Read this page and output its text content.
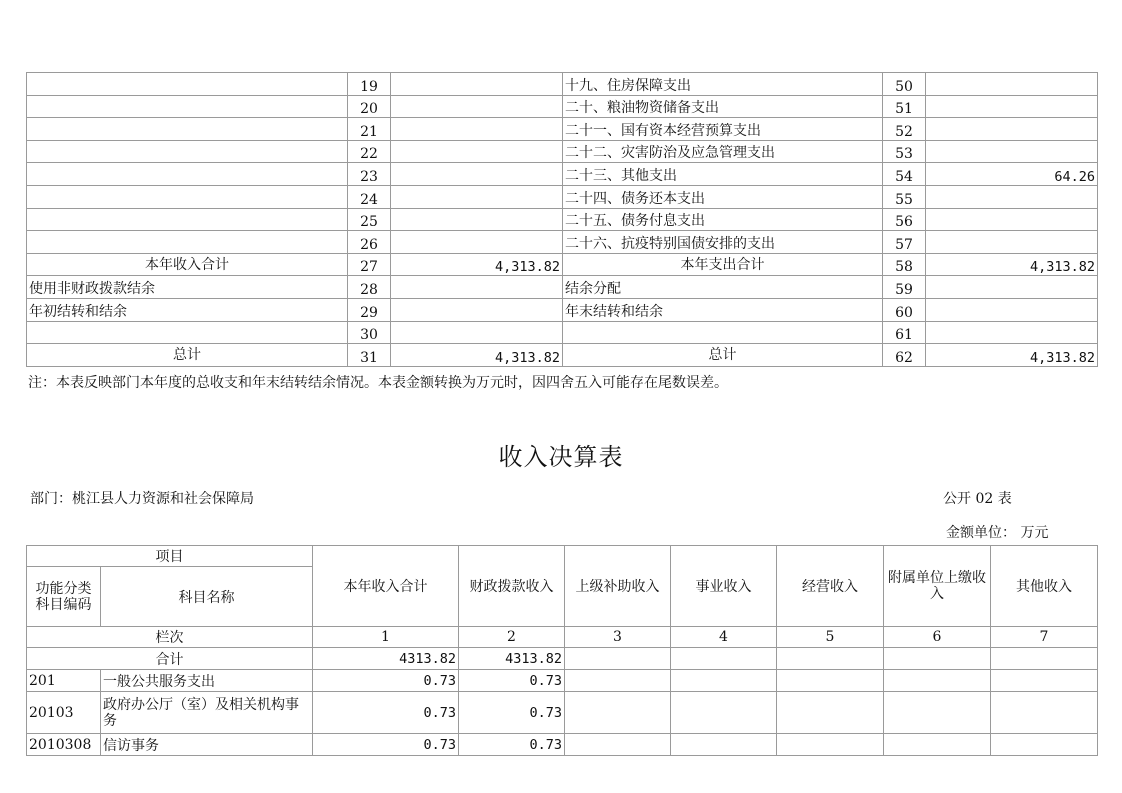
	19		十九、住房保障支出	50	
	20		二十、粮油物资储备支出	51	
	21		二十一、国有资本经营预算支出	52	
	22		二十二、灾害防治及应急管理支出	53	
	23		二十三、其他支出	54	64.26
	24		二十四、债务还本支出	55	
	25		二十五、债务付息支出	56	
	26		二十六、抗疫特别国债安排的支出	57	
本年收入合计	27	4,313.82	本年支出合计	58	4,313.82
使用非财政拨款结余	28		结余分配	59	
年初结转和结余	29		年末结转和结余	60	
	30			61	
总计	31	4,313.82	总计	62	4,313.82
注：本表反映部门本年度的总收支和年末结转结余情况。本表金额转换为万元时，因四舍五入可能存在尾数误差。
收入决算表
部门：桃江县人力资源和社会保障局	公开 02 表
金额单位： 万元
项目		本年收入合计	财政拨款收入	上级补助收入	事业收入	经营收入	附属单位上缴收 入	其他收入
功能分类 科目编码	科目名称							
栏次		1	2	3	4	5	6	7
合计		4313.82	4313.82					
201	一般公共服务支出	0.73	0.73					
20103	政府办公厅（室）及相关机构事务	0.73	0.73					
2010308	信访事务	0.73	0.73					
